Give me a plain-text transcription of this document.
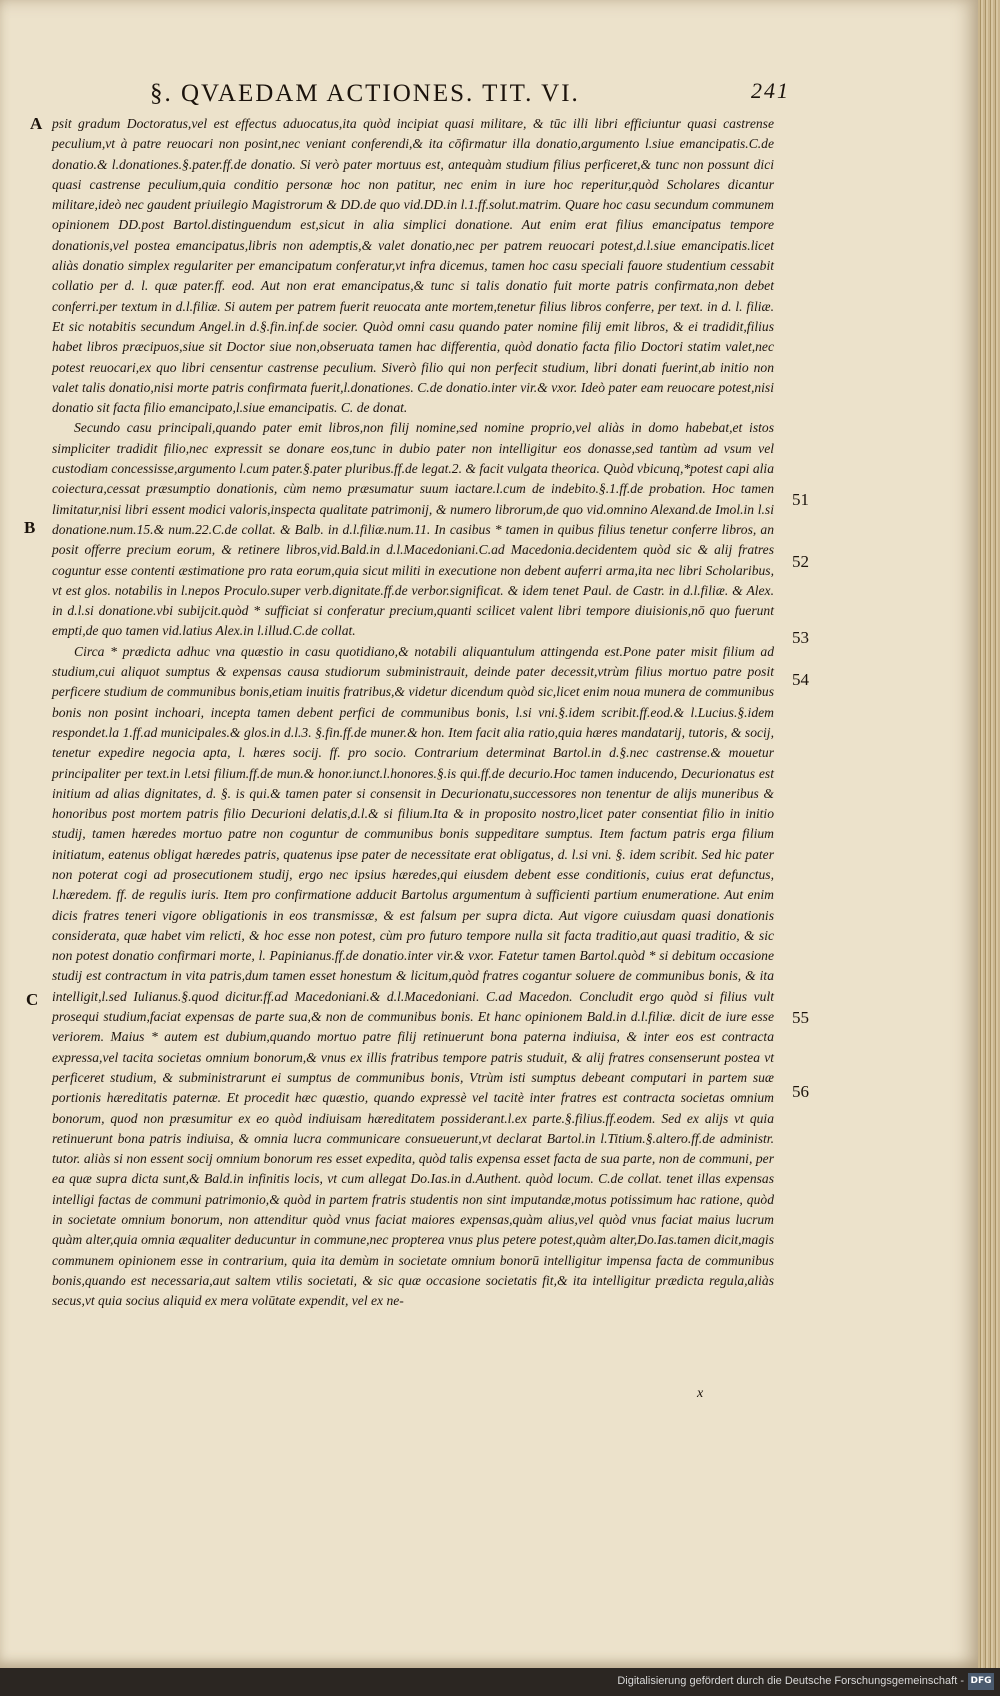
§. QVAEDAM ACTIONES. TIT. VI.	241
A
B
C
51
52
53
54
55
56

psit gradum Doctoratus,vel est effectus aduocatus,ita quòd incipiat quasi militare, & tūc illi libri efficiuntur quasi castrense peculium,vt à patre reuocari non posint,nec veniant conferendi,& ita cōfirmatur illa donatio,argumento l.siue emancipatis.C.de donatio.& l.donationes.§.pater.ff.de donatio. Si verò pater mortuus est, antequàm studium filius perficeret,& tunc non possunt dici quasi castrense peculium,quia conditio personæ hoc non patitur, nec enim in iure hoc reperitur,quòd Scholares dicantur militare,ideò nec gaudent priuilegio Magistrorum & DD.de quo vid.DD.in l.1.ff.solut.matrim. Quare hoc casu secundum communem opinionem DD.post Bartol.distinguendum est,sicut in alia simplici donatione. Aut enim erat filius emancipatus tempore donationis,vel postea emancipatus,libris non ademptis,& valet donatio,nec per patrem reuocari potest,d.l.siue emancipatis.licet aliàs donatio simplex regulariter per emancipatum conferatur,vt infra dicemus, tamen hoc casu speciali fauore studentium cessabit collatio per d. l. quæ pater.ff. eod. Aut non erat emancipatus,& tunc si talis donatio fuit morte patris confirmata,non debet conferri.per textum in d.l.filiæ. Si autem per patrem fuerit reuocata ante mortem,tenetur filius libros conferre, per text. in d. l. filiæ. Et sic notabitis secundum Angel.in d.§.fin.inf.de socier. Quòd omni casu quando pater nomine filij emit libros, & ei tradidit,filius habet libros præcipuos,siue sit Doctor siue non,obseruata tamen hac differentia, quòd donatio facta filio Doctori statim valet,nec potest reuocari,ex quo libri censentur castrense peculium. Siverò filio qui non perfecit studium, libri donati fuerint,ab initio non valet talis donatio,nisi morte patris confirmata fuerit,l.donationes. C.de donatio.inter vir.& vxor. Ideò pater eam reuocare potest,nisi donatio sit facta filio emancipato,l.siue emancipatis. C. de donat.

Secundo casu principali,quando pater emit libros,non filij nomine,sed nomine proprio,vel aliàs in domo habebat,et istos simpliciter tradidit filio,nec expressit se donare eos,tunc in dubio pater non intelligitur eos donasse,sed tantùm ad vsum vel custodiam concessisse,argumento l.cum pater.§.pater pluribus.ff.de legat.2. & facit vulgata theorica. Quòd vbicunq,*potest capi alia coiectura,cessat præsumptio donationis, cùm nemo præsumatur suum iactare.l.cum de indebito.§.1.ff.de probation. Hoc tamen limitatur,nisi libri essent modici valoris,inspecta qualitate patrimonij, & numero librorum,de quo vid.omnino Alexand.de Imol.in l.si donatione.num.15.& num.22.C.de collat. & Balb. in d.l.filiæ.num.11. In casibus * tamen in quibus filius tenetur conferre libros, an posit offerre precium eorum, & retinere libros,vid.Bald.in d.l.Macedoniani.C.ad Macedonia.decidentem quòd sic & alij fratres coguntur esse contenti æstimatione pro rata eorum,quia sicut militi in executione non debent auferri arma,ita nec libri Scholaribus, vt est glos. notabilis in l.nepos Proculo.super verb.dignitate.ff.de verbor.significat. & idem tenet Paul. de Castr. in d.l.filiæ. & Alex. in d.l.si donatione.vbi subijcit.quòd * sufficiat si conferatur precium,quanti scilicet valent libri tempore diuisionis,nō quo fuerunt empti,de quo tamen vid.latius Alex.in l.illud.C.de collat.

Circa * prædicta adhuc vna quæstio in casu quotidiano,& notabili aliquantulum attingenda est.Pone pater misit filium ad studium,cui aliquot sumptus & expensas causa studiorum subministrauit, deinde pater decessit,vtrùm filius mortuo patre posit perficere studium de communibus bonis,etiam inuitis fratribus,& videtur dicendum quòd sic,licet enim noua munera de communibus bonis non posint inchoari, incepta tamen debent perfici de communibus bonis, l.si vni.§.idem scribit.ff.eod.& l.Lucius.§.idem respondet.la 1.ff.ad municipales.& glos.in d.l.3. §.fin.ff.de muner.& hon. Item facit alia ratio,quia hæres mandatarij, tutoris, & socij, tenetur expedire negocia apta, l. hæres socij. ff. pro socio. Contrarium determinat Bartol.in d.§.nec castrense.& mouetur principaliter per text.in l.etsi filium.ff.de mun.& honor.iunct.l.honores.§.is qui.ff.de decurio.Hoc tamen inducendo, Decurionatus est initium ad alias dignitates, d. §. is qui.& tamen pater si consensit in Decurionatu,successores non tenentur de alijs muneribus & honoribus post mortem patris filio Decurioni delatis,d.l.& si filium.Ita & in proposito nostro,licet pater consentiat filio in initio studij, tamen hæredes mortuo patre non coguntur de communibus bonis suppeditare sumptus. Item factum patris erga filium initiatum, eatenus obligat hæredes patris, quatenus ipse pater de necessitate erat obligatus, d. l.si vni. §. idem scribit. Sed hic pater non poterat cogi ad prosecutionem studij, ergo nec ipsius hæredes,qui eiusdem debent esse conditionis, cuius erat defunctus, l.hæredem. ff. de regulis iuris. Item pro confirmatione adducit Bartolus argumentum à sufficienti partium enumeratione. Aut enim dicis fratres teneri vigore obligationis in eos transmissæ, & est falsum per supra dicta. Aut vigore cuiusdam quasi donationis considerata, quæ habet vim relicti, & hoc esse non potest, cùm pro futuro tempore nulla sit facta traditio,aut quasi traditio, & sic non potest donatio confirmari morte, l. Papinianus.ff.de donatio.inter vir.& vxor. Fatetur tamen Bartol.quòd * si debitum occasione studij est contractum in vita patris,dum tamen esset honestum & licitum,quòd fratres cogantur soluere de communibus bonis, & ita intelligit,l.sed Iulianus.§.quod dicitur.ff.ad Macedoniani.& d.l.Macedoniani. C.ad Macedon. Concludit ergo quòd si filius vult prosequi studium,faciat expensas de parte sua,& non de communibus bonis. Et hanc opinionem Bald.in d.l.filiæ. dicit de iure esse veriorem. Maius * autem est dubium,quando mortuo patre filij retinuerunt bona paterna indiuisa, & inter eos est contracta expressa,vel tacita societas omnium bonorum,& vnus ex illis fratribus tempore patris studuit, & alij fratres consenserunt postea vt perficeret studium, & subministrarunt ei sumptus de communibus bonis, Vtrùm isti sumptus debeant computari in partem suæ portionis hæreditatis paternæ. Et procedit hæc quæstio, quando expressè vel tacitè inter fratres est contracta societas omnium bonorum, quod non præsumitur ex eo quòd indiuisam hæreditatem possiderant.l.ex parte.§.filius.ff.eodem. Sed ex alijs vt quia retinuerunt bona patris indiuisa, & omnia lucra communicare consueuerunt,vt declarat Bartol.in l.Titium.§.altero.ff.de administr. tutor. aliàs si non essent socij omnium bonorum res esset expedita, quòd talis expensa esset facta de sua parte, non de communi, per ea quæ supra dicta sunt,& Bald.in infinitis locis, vt cum allegat Do.Ias.in d.Authent. quòd locum. C.de collat. tenet illas expensas intelligi factas de communi patrimonio,& quòd in partem fratris studentis non sint imputandæ,motus potissimum hac ratione, quòd in societate omnium bonorum, non attenditur quòd vnus faciat maiores expensas,quàm alius,vel quòd vnus faciat maius lucrum quàm alter,quia omnia æqualiter deducuntur in commune,nec propterea vnus plus petere potest,quàm alter,Do.Ias.tamen dicit,magis communem opinionem esse in contrarium, quia ita demùm in societate omnium bonorū intelligitur impensa facta de communibus bonis,quando est necessaria,aut saltem vtilis societati, & sic quæ occasione societatis fit,& ita intelligitur prædicta regula,aliàs secus,vt quia socius aliquid ex mera volūtate expendit, vel ex ne-

x
Digitalisierung gefördert durch die Deutsche Forschungsgemeinschaft - DFG
